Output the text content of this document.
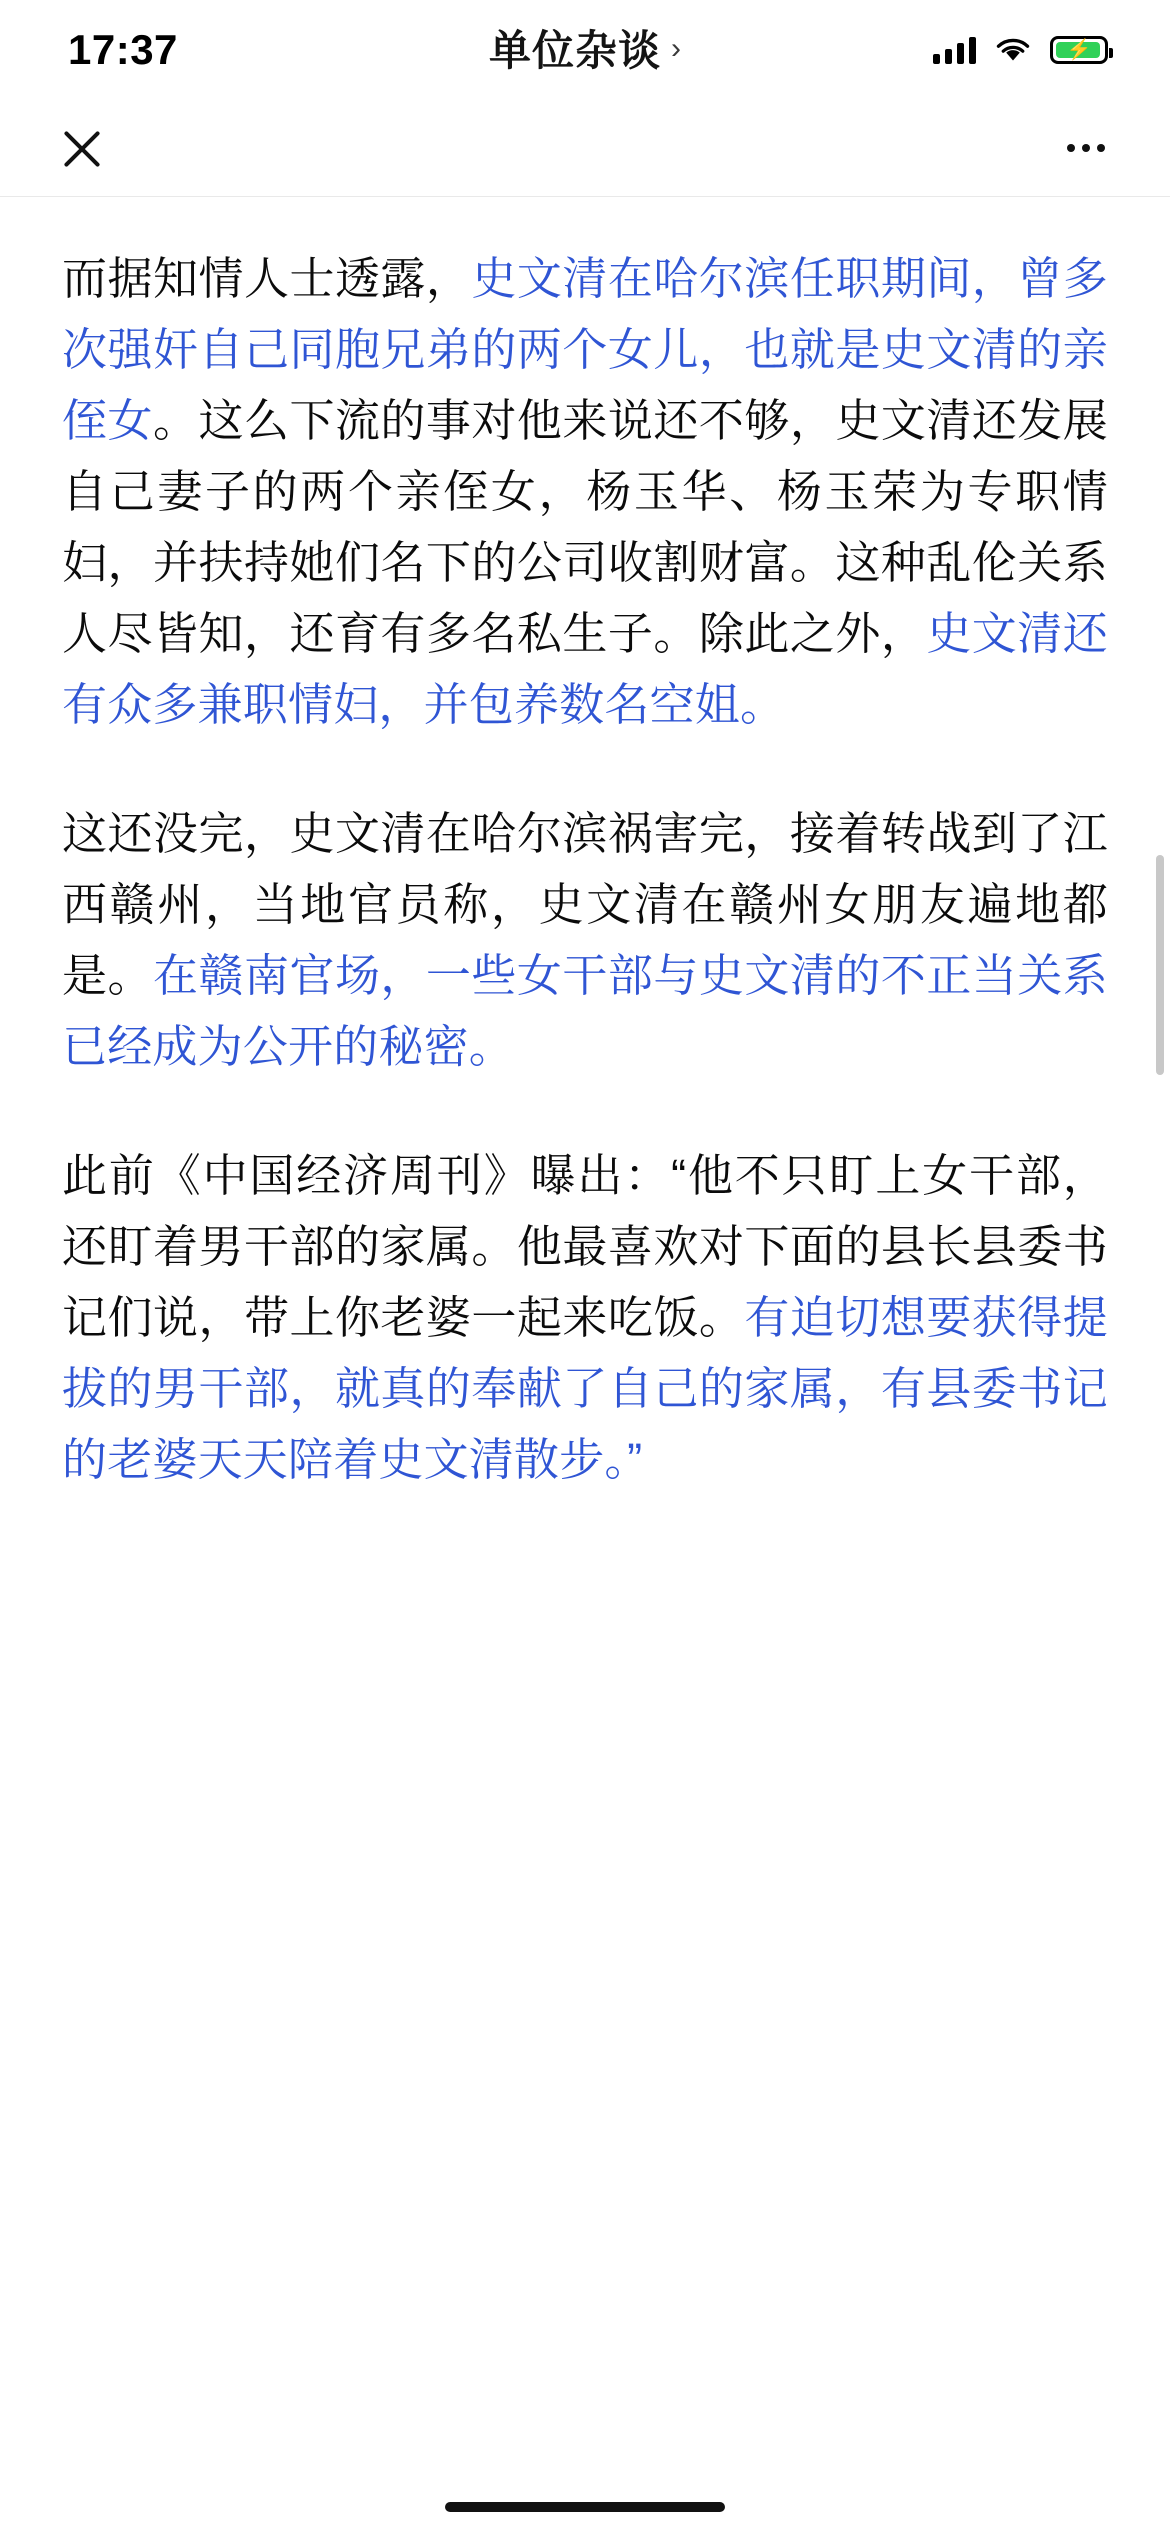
17:37	⚡
单位杂谈 ›

而据知情人士透露，史文清在哈尔滨任职期间，曾多次强奸自己同胞兄弟的两个女儿，也就是史文清的亲侄女。这么下流的事对他来说还不够，史文清还发展自己妻子的两个亲侄女，杨玉华、杨玉荣为专职情妇，并扶持她们名下的公司收割财富。这种乱伦关系人尽皆知，还育有多名私生子。除此之外，史文清还有众多兼职情妇，并包养数名空姐。

这还没完，史文清在哈尔滨祸害完，接着转战到了江西赣州，当地官员称，史文清在赣州女朋友遍地都是。在赣南官场，一些女干部与史文清的不正当关系已经成为公开的秘密。

此前《中国经济周刊》曝出：“他不只盯上女干部，还盯着男干部的家属。他最喜欢对下面的县长县委书记们说，带上你老婆一起来吃饭。有迫切想要获得提拔的男干部，就真的奉献了自己的家属，有县委书记的老婆天天陪着史文清散步。”
